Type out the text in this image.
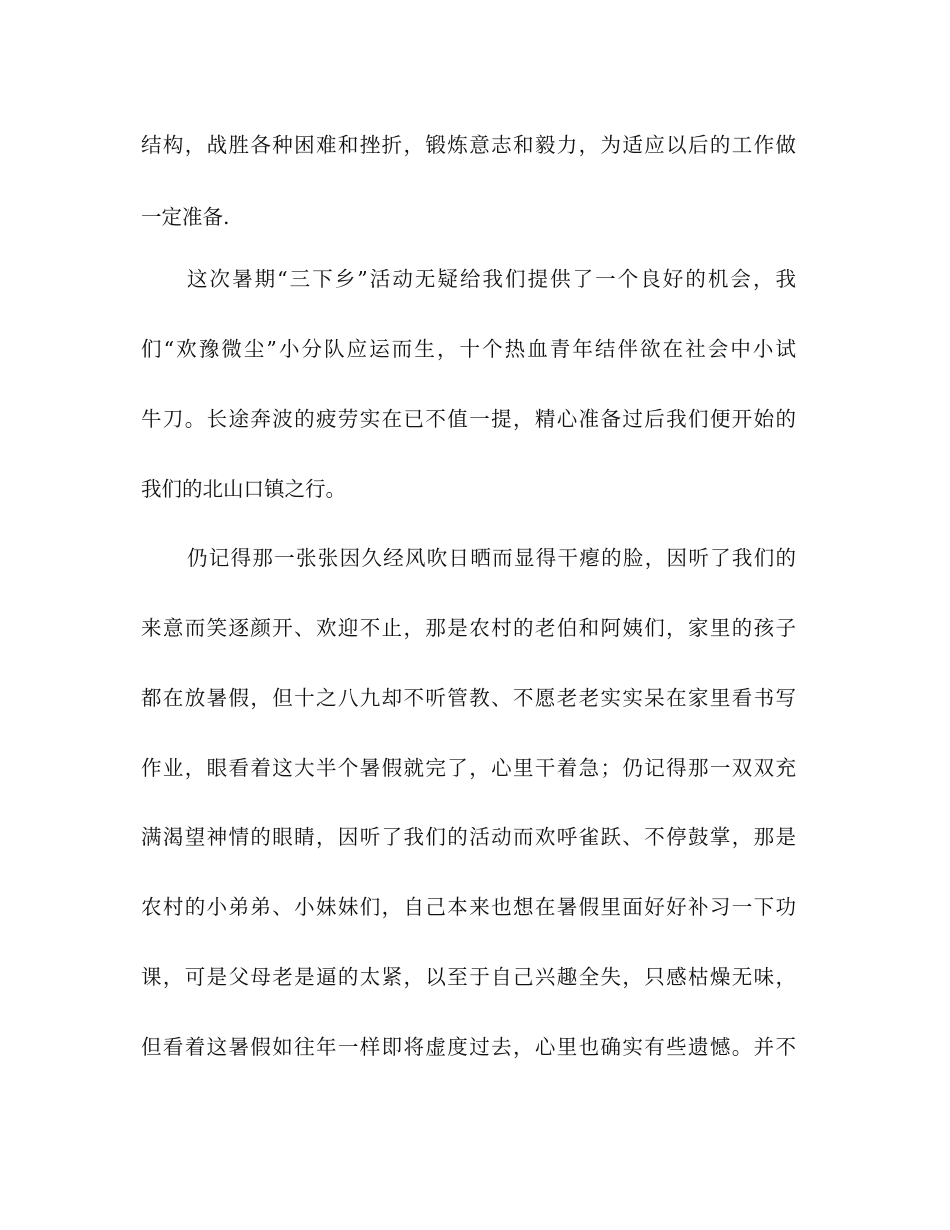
结构，战胜各种困难和挫折，锻炼意志和毅力，为适应以后的工作做
一定准备.
这次暑期“三下乡”活动无疑给我们提供了一个良好的机会，我
们“欢豫微尘”小分队应运而生，十个热血青年结伴欲在社会中小试
牛刀。长途奔波的疲劳实在已不值一提，精心准备过后我们便开始的
我们的北山口镇之行。
仍记得那一张张因久经风吹日晒而显得干瘪的脸，因听了我们的
来意而笑逐颜开、欢迎不止，那是农村的老伯和阿姨们，家里的孩子
都在放暑假，但十之八九却不听管教、不愿老老实实呆在家里看书写
作业，眼看着这大半个暑假就完了，心里干着急；仍记得那一双双充
满渴望神情的眼睛，因听了我们的活动而欢呼雀跃、不停鼓掌，那是
农村的小弟弟、小妹妹们，自己本来也想在暑假里面好好补习一下功
课，可是父母老是逼的太紧，以至于自己兴趣全失，只感枯燥无味，
但看着这暑假如往年一样即将虚度过去，心里也确实有些遗憾。并不
